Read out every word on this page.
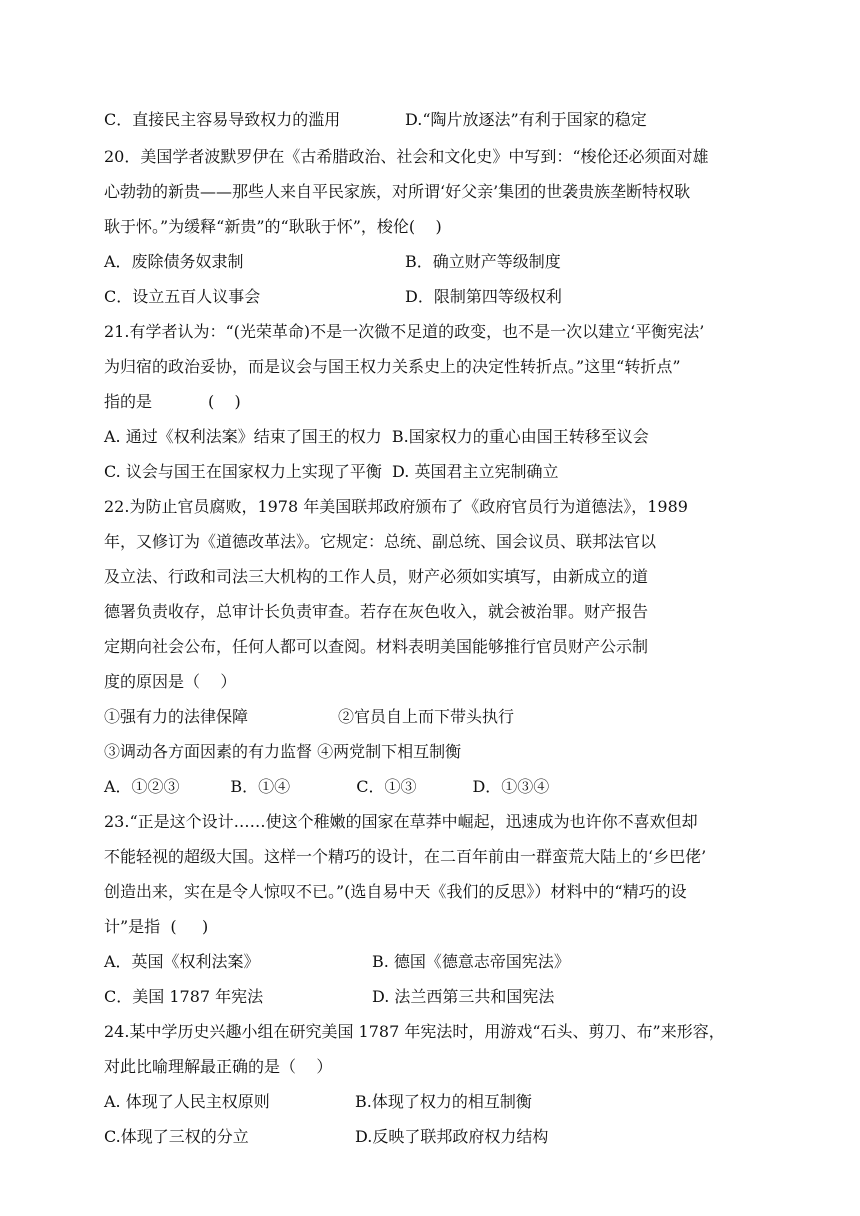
C．直接民主容易导致权力的滥用	D.“陶片放逐法”有利于国家的稳定
20．美国学者波默罗伊在《古希腊政治、社会和文化史》中写到：“梭伦还必须面对雄
心勃勃的新贵——那些人来自平民家族，对所谓‘好父亲’集团的世袭贵族垄断特权耿
耿于怀。”为缓释“新贵”的“耿耿于怀”，梭伦(    )
A．废除债务奴隶制	B．确立财产等级制度
C．设立五百人议事会	D．限制第四等级权利
21.有学者认为：“(光荣革命)不是一次微不足道的政变，也不是一次以建立‘平衡宪法’
为归宿的政治妥协，而是议会与国王权力关系史上的决定性转折点。”这里“转折点”
指的是           (    )
A. 通过《权利法案》结束了国王的权力  B.国家权力的重心由国王转移至议会
C. 议会与国王在国家权力上实现了平衡  D. 英国君主立宪制确立
22.为防止官员腐败，1978 年美国联邦政府颁布了《政府官员行为道德法》，1989
年，又修订为《道德改革法》。它规定：总统、副总统、国会议员、联邦法官以
及立法、行政和司法三大机构的工作人员，财产必须如实填写，由新成立的道
德署负责收存，总审计长负责审查。若存在灰色收入，就会被治罪。财产报告
定期向社会公布，任何人都可以查阅。材料表明美国能够推行官员财产公示制
度的原因是（    ）
①强有力的法律保障	②官员自上而下带头执行
③调动各方面因素的有力监督 ④两党制下相互制衡
A．①②③          B．①④             C．①③           D．①③④
23.“正是这个设计……使这个稚嫩的国家在草莽中崛起，迅速成为也许你不喜欢但却
不能轻视的超级大国。这样一个精巧的设计，在二百年前由一群蛮荒大陆上的‘乡巴佬’
创造出来，实在是令人惊叹不已。”(选自易中天《我们的反思》）材料中的“精巧的设
计”是指  (     )
A．英国《权利法案》	B. 德国《德意志帝国宪法》
C．美国 1787 年宪法	D. 法兰西第三共和国宪法
24.某中学历史兴趣小组在研究美国 1787 年宪法时，用游戏“石头、剪刀、布”来形容，
对此比喻理解最正确的是（    ）
A. 体现了人民主权原则	B.体现了权力的相互制衡
C.体现了三权的分立	D.反映了联邦政府权力结构
